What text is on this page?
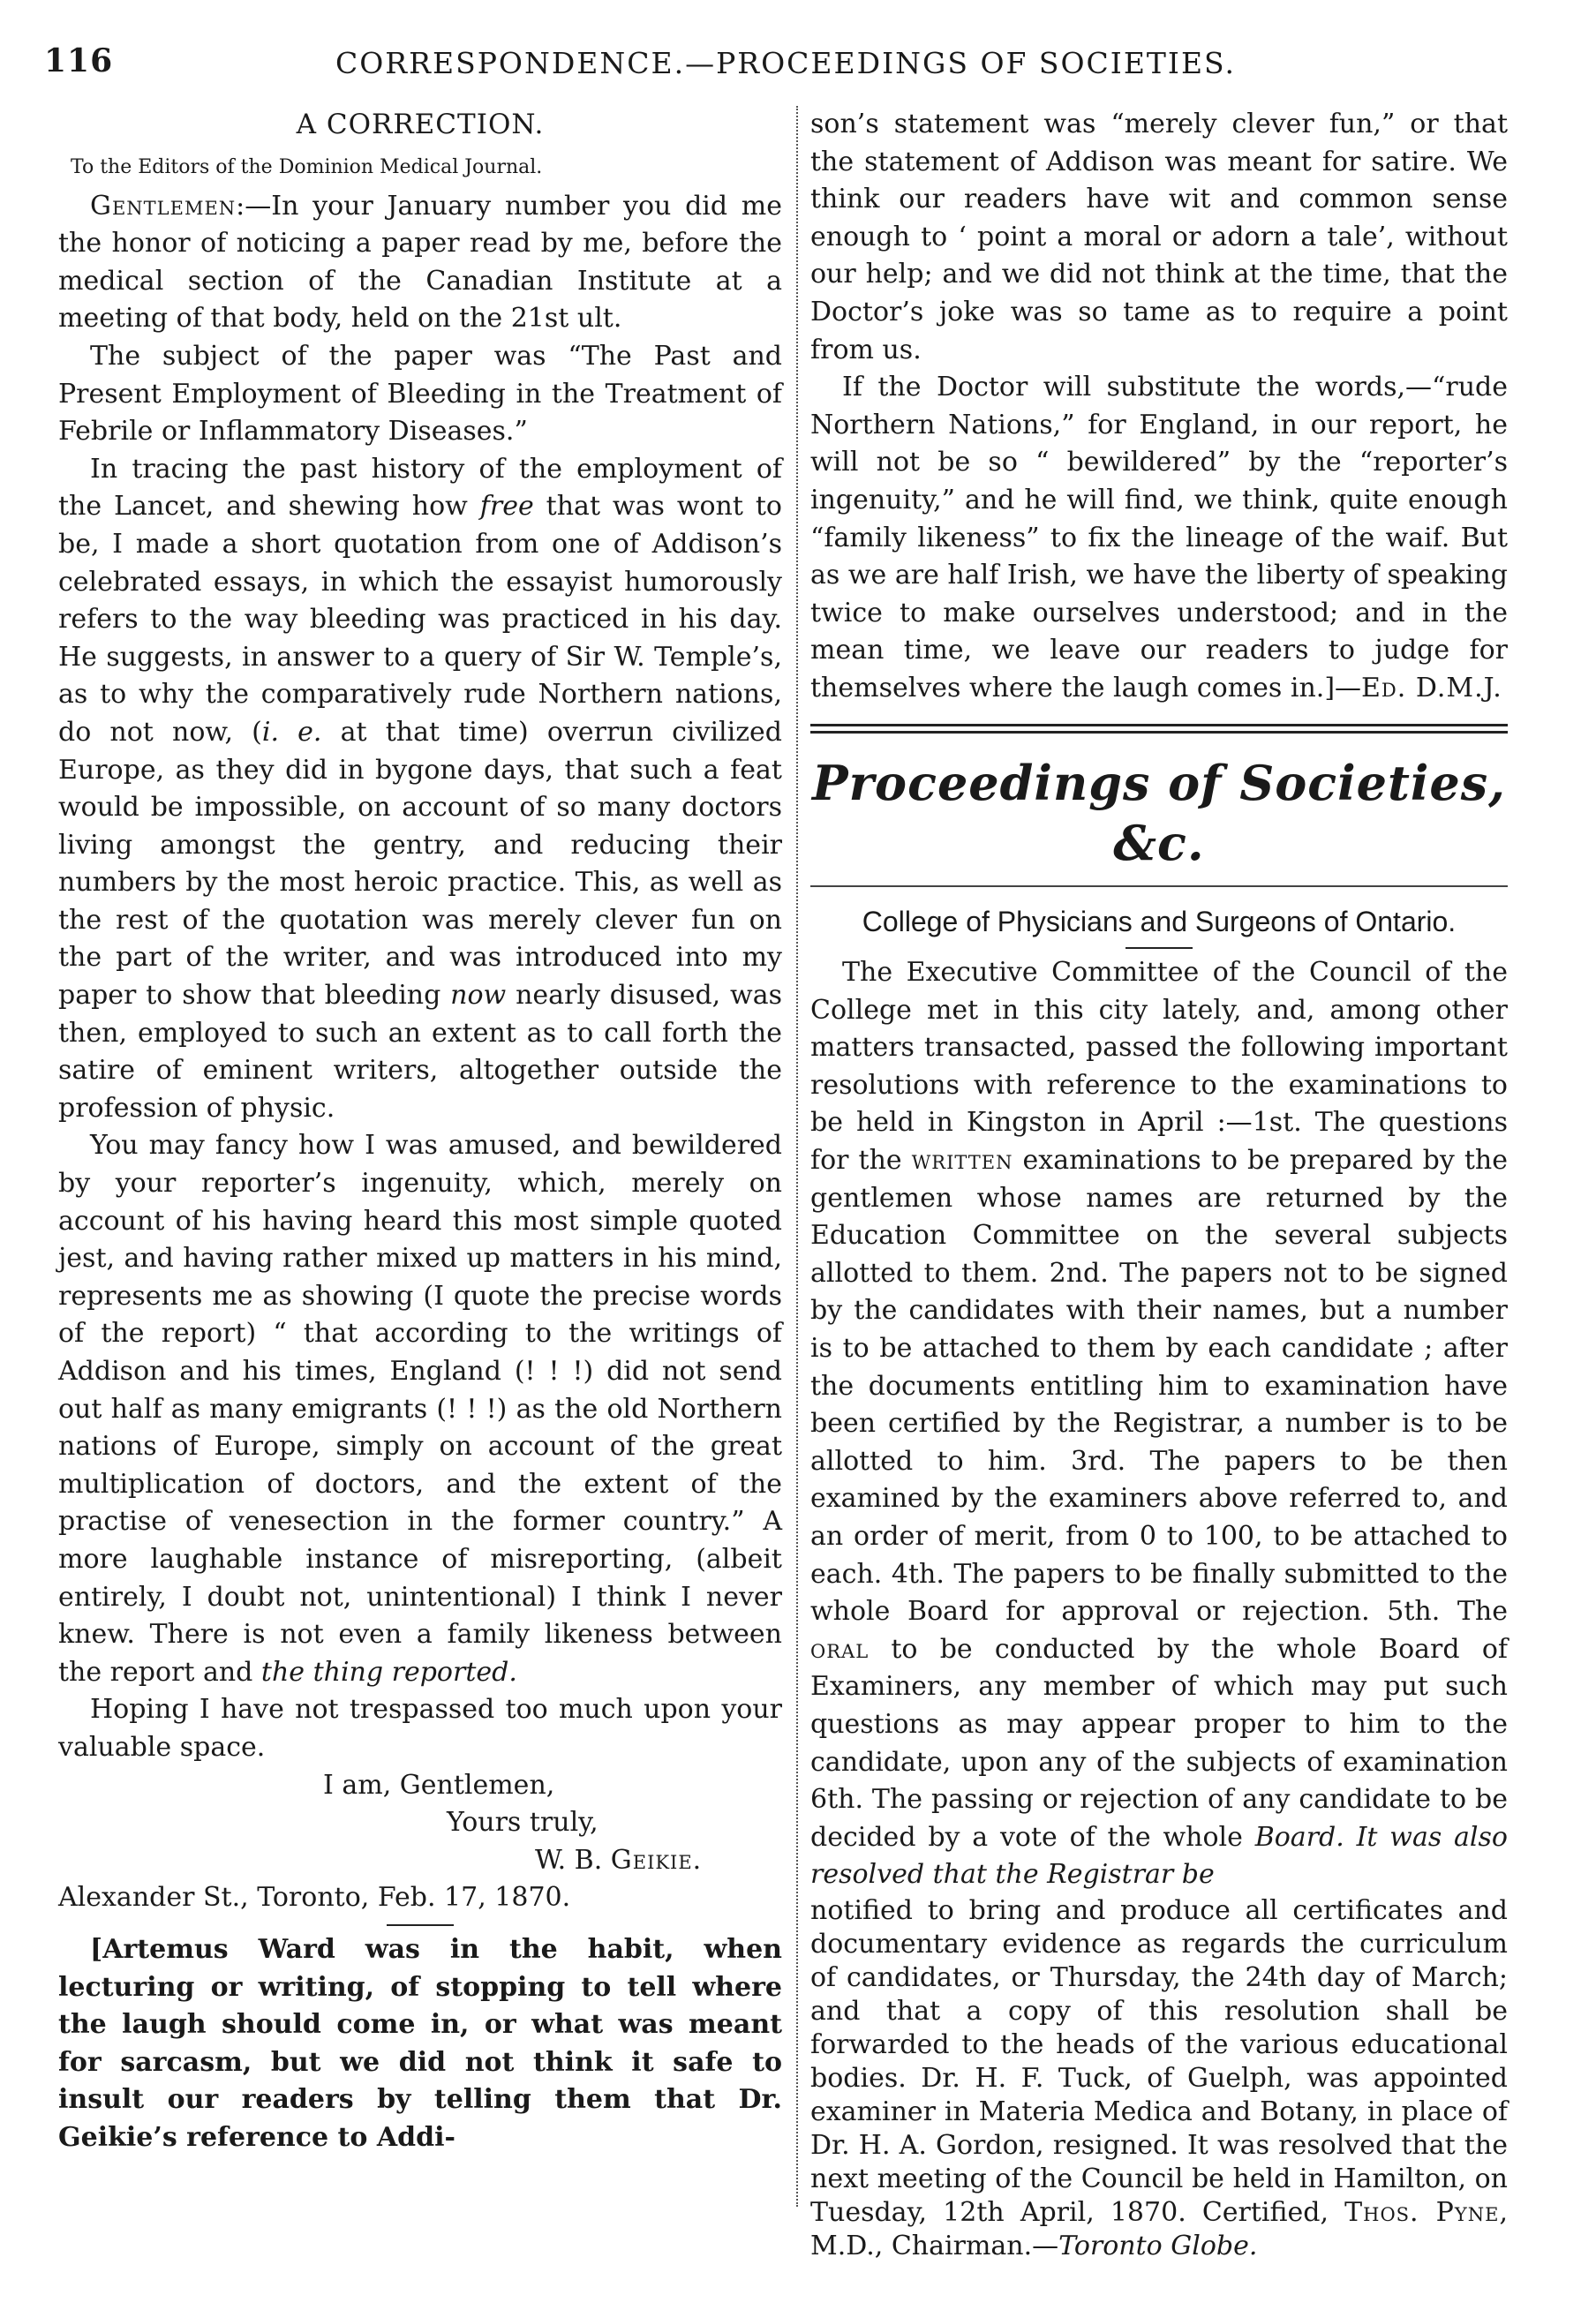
116	CORRESPONDENCE.—PROCEEDINGS OF SOCIETIES.

A CORRECTION.

To the Editors of the Dominion Medical Journal.

Gentlemen:—In your January number you did me the honor of noticing a paper read by me, before the medical section of the Canadian Institute at a meeting of that body, held on the 21st ult.

The subject of the paper was “The Past and Present Employment of Bleeding in the Treatment of Febrile or Inflammatory Diseases.”

In tracing the past history of the employment of the Lancet, and shewing how free that was wont to be, I made a short quotation from one of Addison’s celebrated essays, in which the essayist humorously refers to the way bleeding was practiced in his day. He suggests, in answer to a query of Sir W. Temple’s, as to why the comparatively rude Northern nations, do not now, (i. e. at that time) overrun civilized Europe, as they did in bygone days, that such a feat would be impossible, on account of so many doctors living amongst the gentry, and reducing their numbers by the most heroic practice. This, as well as the rest of the quotation was merely clever fun on the part of the writer, and was introduced into my paper to show that bleeding now nearly disused, was then, employed to such an extent as to call forth the satire of eminent writers, altogether outside the profession of physic.

You may fancy how I was amused, and bewildered by your reporter’s ingenuity, which, merely on account of his having heard this most simple quoted jest, and having rather mixed up matters in his mind, represents me as showing (I quote the precise words of the report) “ that according to the writings of Addison and his times, England (! ! !) did not send out half as many emigrants (! ! !) as the old Northern nations of Europe, simply on account of the great multiplication of doctors, and the extent of the practise of venesection in the former country.” A more laughable instance of misreporting, (albeit entirely, I doubt not, unintentional) I think I never knew. There is not even a family likeness between the report and the thing reported.

Hoping I have not trespassed too much upon your valuable space.

I am, Gentlemen,

Yours truly,

W. B. Geikie.

Alexander St., Toronto, Feb. 17, 1870.

[Artemus Ward was in the habit, when lecturing or writing, of stopping to tell where the laugh should come in, or what was meant for sarcasm, but we did not think it safe to insult our readers by telling them that Dr. Geikie’s reference to Addi-

son’s statement was “merely clever fun,” or that the statement of Addison was meant for satire. We think our readers have wit and common sense enough to ‘ point a moral or adorn a tale’, without our help; and we did not think at the time, that the Doctor’s joke was so tame as to require a point from us.

If the Doctor will substitute the words,—“rude Northern Nations,” for England, in our report, he will not be so “ bewildered” by the “reporter’s ingenuity,” and he will find, we think, quite enough “family likeness” to fix the lineage of the waif. But as we are half Irish, we have the liberty of speaking twice to make ourselves understood; and in the mean time, we leave our readers to judge for themselves where the laugh comes in.]—Ed. D.M.J.

Proceedings of Societies, &c.

College of Physicians and Surgeons of Ontario.

The Executive Committee of the Council of the College met in this city lately, and, among other matters transacted, passed the following important resolutions with reference to the examinations to be held in Kingston in April :—1st. The questions for the written examinations to be prepared by the gentlemen whose names are returned by the Education Committee on the several subjects allotted to them. 2nd. The papers not to be signed by the candidates with their names, but a number is to be attached to them by each candidate ; after the documents entitling him to examination have been certified by the Registrar, a number is to be allotted to him. 3rd. The papers to be then examined by the examiners above referred to, and an order of merit, from 0 to 100, to be attached to each. 4th. The papers to be finally submitted to the whole Board for approval or rejection. 5th. The oral to be conducted by the whole Board of Examiners, any member of which may put such questions as may appear proper to him to the candidate, upon any of the subjects of examination 6th. The passing or rejection of any candidate to be decided by a vote of the whole Board. It was also resolved that the Registrar be

notified to bring and produce all certificates and documentary evidence as regards the curriculum of candidates, or Thursday, the 24th day of March; and that a copy of this resolution shall be forwarded to the heads of the various educational bodies. Dr. H. F. Tuck, of Guelph, was appointed examiner in Materia Medica and Botany, in place of Dr. H. A. Gordon, resigned. It was resolved that the next meeting of the Council be held in Hamilton, on Tuesday, 12th April, 1870. Certified, Thos. Pyne, M.D., Chairman.—Toronto Globe.
